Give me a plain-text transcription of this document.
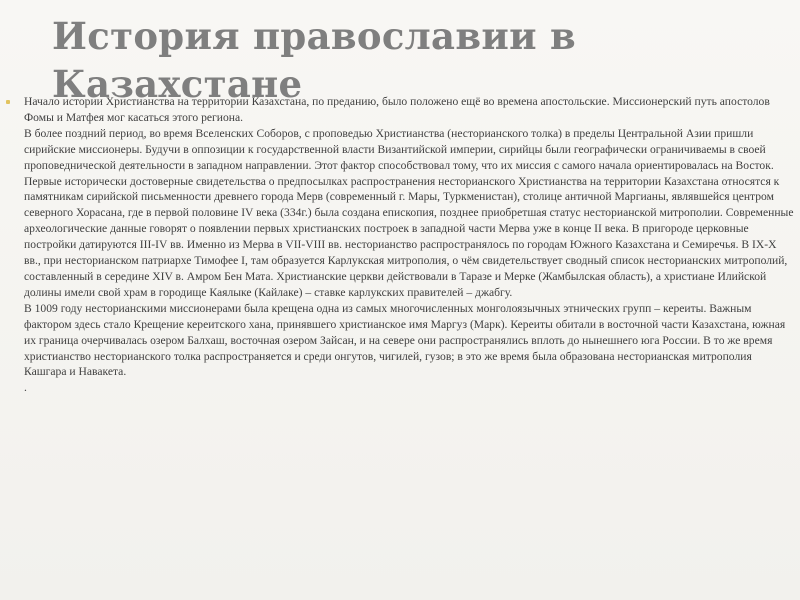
История православии в Казахстане

Начало истории Христианства на территории Казахстана, по преданию, было положено ещё во времена апостольские. Миссионерский путь апостолов Фомы и Матфея мог касаться этого региона.

В более поздний период, во время Вселенских Соборов, с проповедью Христианства (несторианского толка) в пределы Центральной Азии пришли сирийские миссионеры. Будучи в оппозиции к государственной власти Византийской империи, сирийцы были географически ограничиваемы в своей проповеднической деятельности в западном направлении. Этот фактор способствовал тому, что их миссия с самого начала ориентировалась на Восток.

Первые исторически достоверные свидетельства о предпосылках распространения несторианского Христианства на территории Казахстана относятся к памятникам сирийской письменности древнего города Мерв (современный г. Мары, Туркменистан), столице античной Маргианы, являвшейся центром северного Хорасана, где в первой половине IV века (334г.) была создана епископия, позднее приобретшая статус несторианской митрополии. Современные археологические данные говорят о появлении первых христианских построек в западной части Мерва уже в конце II века. В пригороде церковные постройки датируются III-IV вв. Именно из Мерва в VII-VIII вв. несторианство распространялось по городам Южного Казахстана и Семиречья. В IX-X вв., при несторианском патриархе Тимофее I, там образуется Карлукская митрополия, о чём свидетельствует сводный список несторианских митрополий, составленный в середине XIV в. Амром Бен Мата. Христианские церкви действовали в Таразе и Мерке (Жамбылская область), а христиане Илийской долины имели свой храм в городище Каялыке (Кайлаке) – ставке карлукских правителей – джабгу.

В 1009 году несторианскими миссионерами была крещена одна из самых многочисленных монголоязычных этнических групп – кереиты. Важным фактором здесь стало Крещение кереитского хана, принявшего христианское имя Маргуз (Марк). Кереиты обитали в восточной части Казахстана, южная их граница очерчивалась озером Балхаш, восточная озером Зайсан, и на севере они распространялись вплоть до нынешнего юга России. В то же время христианство несторианского толка распространяется и среди онгутов, чигилей, гузов; в это же время была образована несторианская митрополия Кашгара и Навакета.

.
